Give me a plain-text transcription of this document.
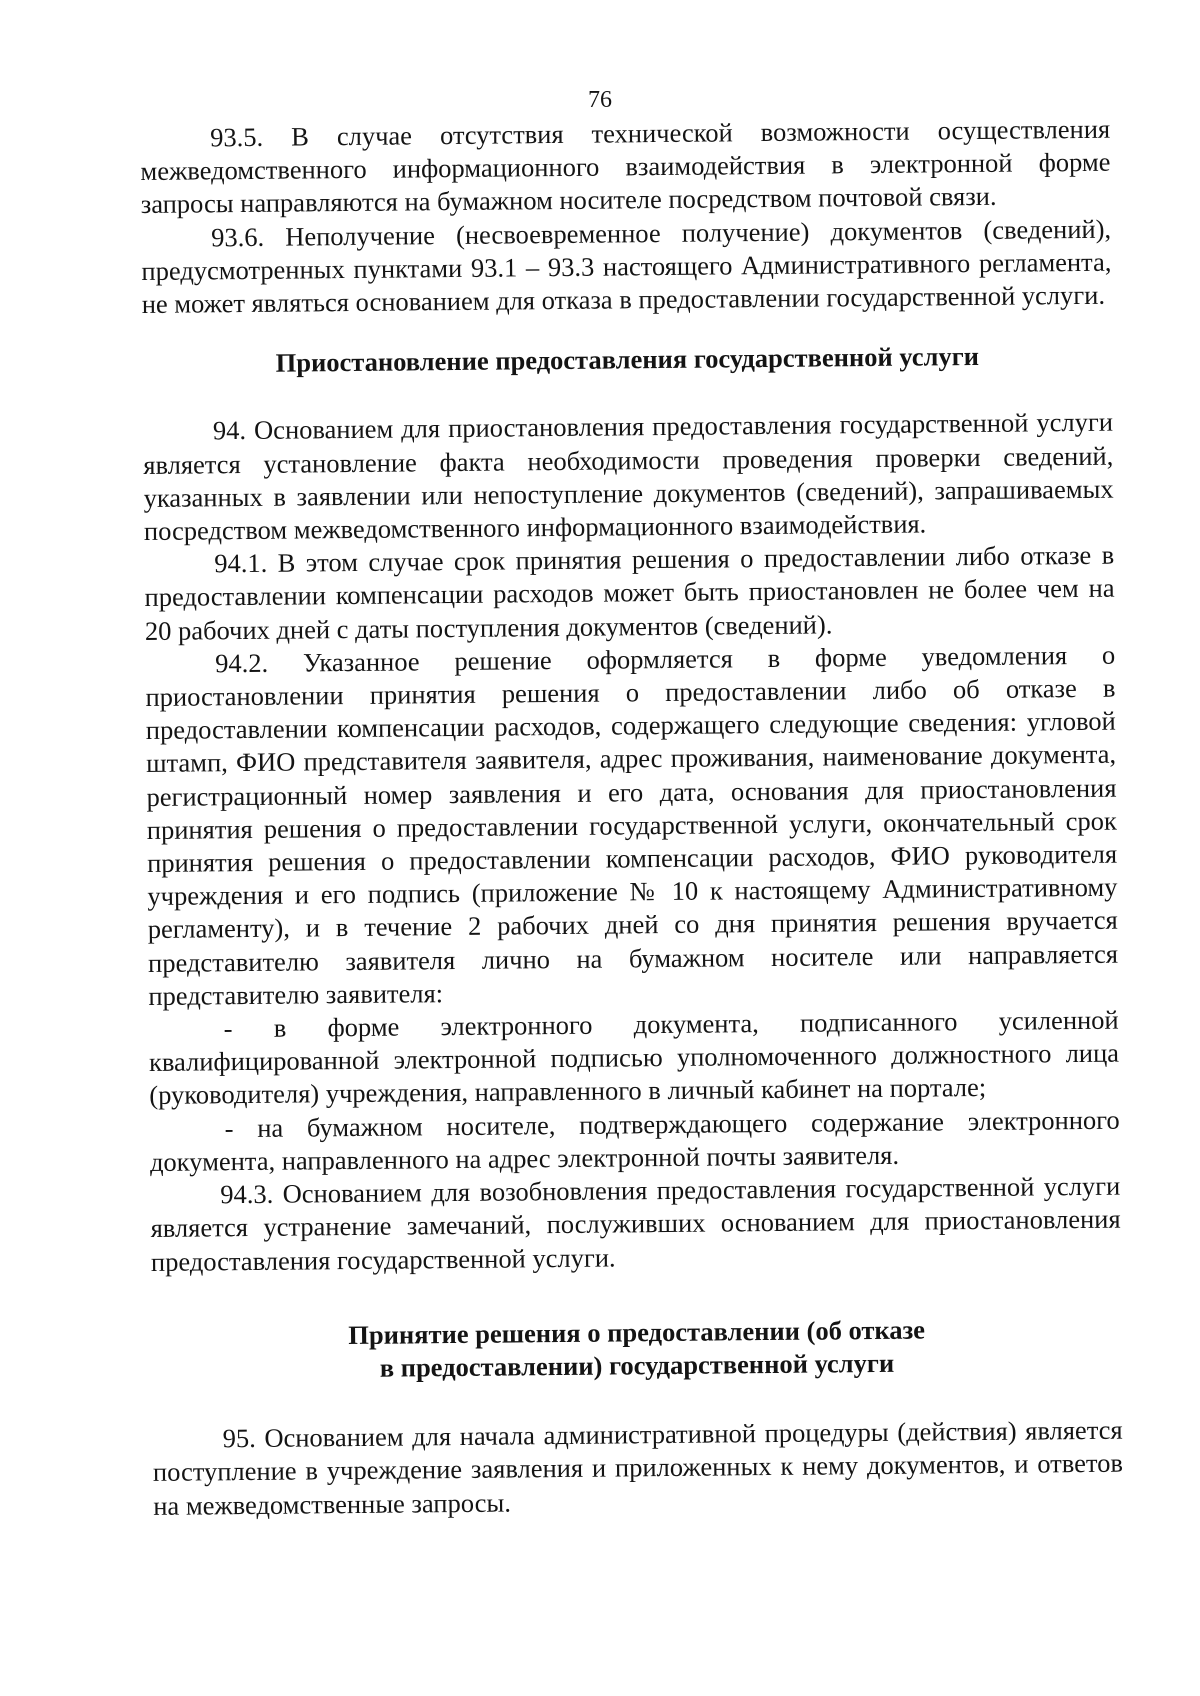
76

93.5. В случае отсутствия технической возможности осуществления межведомственного информационного взаимодействия в электронной форме запросы направляются на бумажном носителе посредством почтовой связи.

93.6. Неполучение (несвоевременное получение) документов (сведений), предусмотренных пунктами 93.1 – 93.3 настоящего Административного регламента, не может являться основанием для отказа в предоставлении государственной услуги.

Приостановление предоставления государственной услуги

94. Основанием для приостановления предоставления государственной услуги является установление факта необходимости проведения проверки сведений, указанных в заявлении или непоступление документов (сведений), запрашиваемых посредством межведомственного информационного взаимодействия.

94.1. В этом случае срок принятия решения о предоставлении либо отказе в предоставлении компенсации расходов может быть приостановлен не более чем на 20 рабочих дней с даты поступления документов (сведений).

94.2. Указанное решение оформляется в форме уведомления о приостановлении принятия решения о предоставлении либо об отказе в предоставлении компенсации расходов, содержащего следующие сведения: угловой штамп, ФИО представителя заявителя, адрес проживания, наименование документа, регистрационный номер заявления и его дата, основания для приостановления принятия решения о предоставлении государственной услуги, окончательный срок принятия решения о предоставлении компенсации расходов, ФИО руководителя учреждения и его подпись (приложение № 10 к настоящему Административному регламенту), и в течение 2 рабочих дней со дня принятия решения вручается представителю заявителя лично на бумажном носителе или направляется представителю заявителя:

- в форме электронного документа, подписанного усиленной квалифицированной электронной подписью уполномоченного должностного лица (руководителя) учреждения, направленного в личный кабинет на портале;

- на бумажном носителе, подтверждающего содержание электронного документа, направленного на адрес электронной почты заявителя.

94.3. Основанием для возобновления предоставления государственной услуги является устранение замечаний, послуживших основанием для приостановления предоставления государственной услуги.

Принятие решения о предоставлении (об отказе
в предоставлении) государственной услуги

95. Основанием для начала административной процедуры (действия) является поступление в учреждение заявления и приложенных к нему документов, и ответов на межведомственные запросы.
